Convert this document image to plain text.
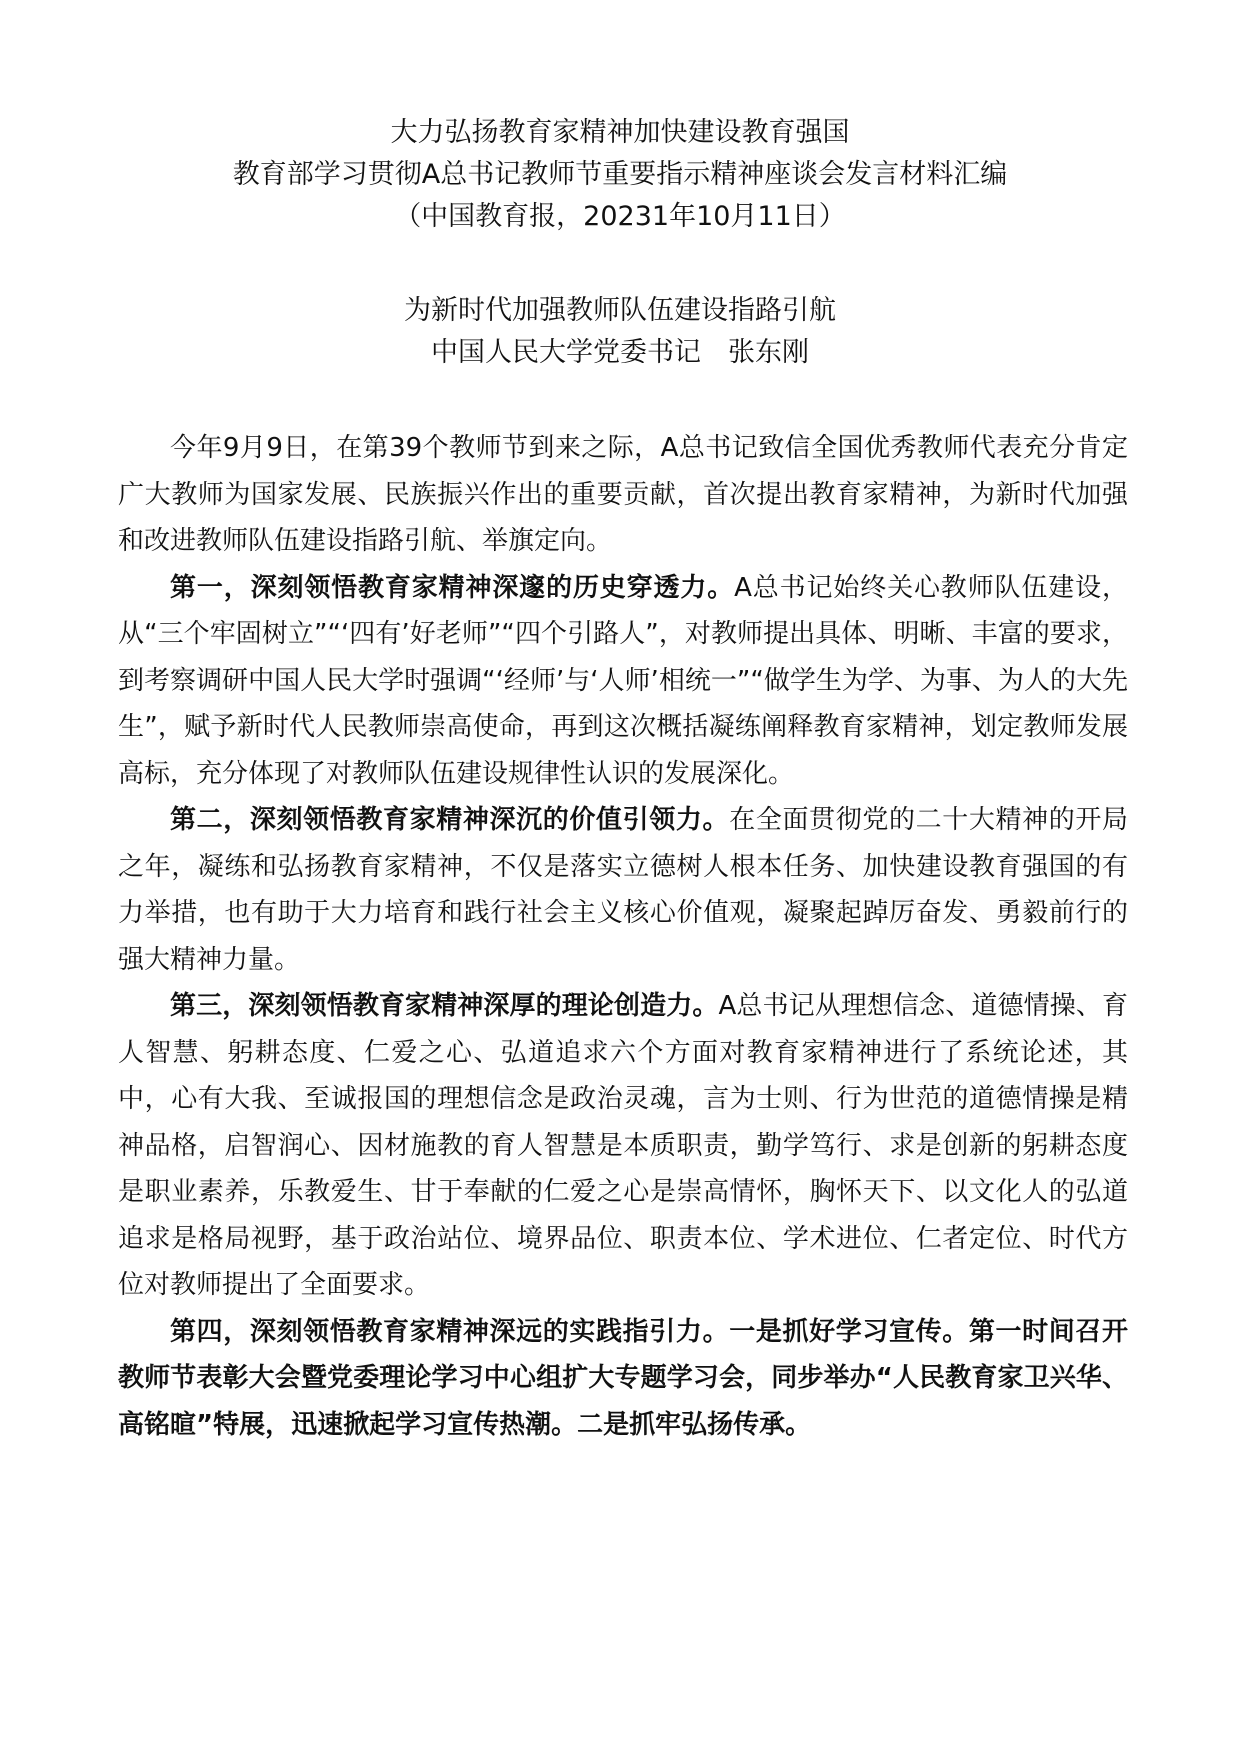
大力弘扬教育家精神加快建设教育强国
教育部学习贯彻A总书记教师节重要指示精神座谈会发言材料汇编
（中国教育报，20231年10月11日）
为新时代加强教师队伍建设指路引航
中国人民大学党委书记　张东刚

今年9月9日，在第39个教师节到来之际，A总书记致信全国优秀教师代表充分肯定广大教师为国家发展、民族振兴作出的重要贡献，首次提出教育家精神，为新时代加强和改进教师队伍建设指路引航、举旗定向。

第一，深刻领悟教育家精神深邃的历史穿透力。A总书记始终关心教师队伍建设，从“三个牢固树立”“‘四有’好老师”“四个引路人”，对教师提出具体、明晰、丰富的要求，到考察调研中国人民大学时强调“‘经师’与‘人师’相统一”“做学生为学、为事、为人的大先生”，赋予新时代人民教师崇高使命，再到这次概括凝练阐释教育家精神，划定教师发展高标，充分体现了对教师队伍建设规律性认识的发展深化。

第二，深刻领悟教育家精神深沉的价值引领力。在全面贯彻党的二十大精神的开局之年，凝练和弘扬教育家精神，不仅是落实立德树人根本任务、加快建设教育强国的有力举措，也有助于大力培育和践行社会主义核心价值观，凝聚起踔厉奋发、勇毅前行的强大精神力量。

第三，深刻领悟教育家精神深厚的理论创造力。A总书记从理想信念、道德情操、育人智慧、躬耕态度、仁爱之心、弘道追求六个方面对教育家精神进行了系统论述，其中，心有大我、至诚报国的理想信念是政治灵魂，言为士则、行为世范的道德情操是精神品格，启智润心、因材施教的育人智慧是本质职责，勤学笃行、求是创新的躬耕态度是职业素养，乐教爱生、甘于奉献的仁爱之心是崇高情怀，胸怀天下、以文化人的弘道追求是格局视野，基于政治站位、境界品位、职责本位、学术进位、仁者定位、时代方位对教师提出了全面要求。

第四，深刻领悟教育家精神深远的实践指引力。一是抓好学习宣传。第一时间召开教师节表彰大会暨党委理论学习中心组扩大专题学习会，同步举办“人民教育家卫兴华、高铭暄”特展，迅速掀起学习宣传热潮。二是抓牢弘扬传承。
